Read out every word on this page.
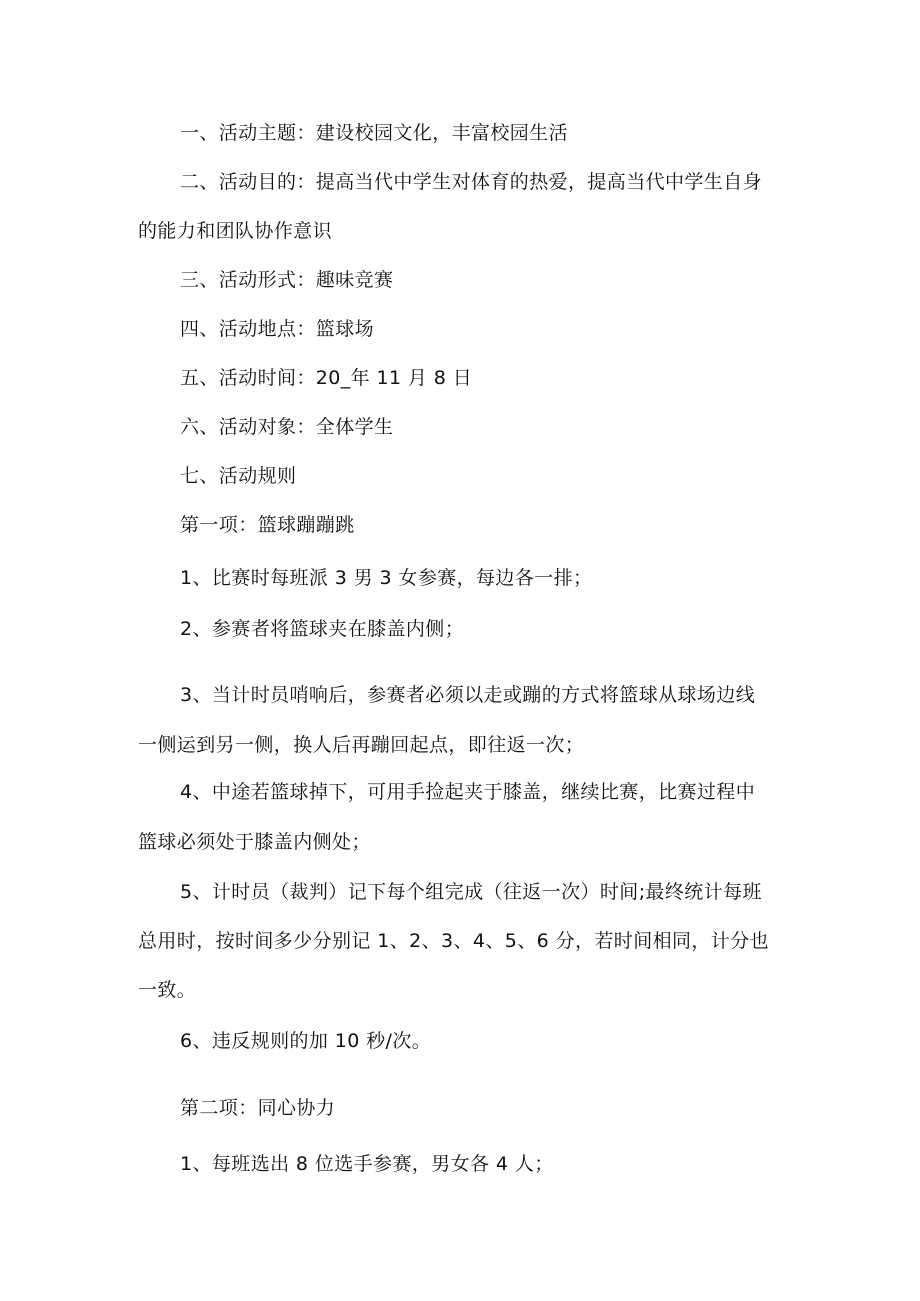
一、活动主题：建设校园文化，丰富校园生活
二、活动目的：提高当代中学生对体育的热爱，提高当代中学生自身
的能力和团队协作意识
三、活动形式：趣味竞赛
四、活动地点：篮球场
五、活动时间：20_年 11 月 8 日
六、活动对象：全体学生
七、活动规则
第一项：篮球蹦蹦跳
1、比赛时每班派 3 男 3 女参赛，每边各一排；
2、参赛者将篮球夹在膝盖内侧；
3、当计时员哨响后，参赛者必须以走或蹦的方式将篮球从球场边线
一侧运到另一侧，换人后再蹦回起点，即往返一次；
4、中途若篮球掉下，可用手捡起夹于膝盖，继续比赛，比赛过程中
篮球必须处于膝盖内侧处；
5、计时员（裁判）记下每个组完成（往返一次）时间;最终统计每班
总用时，按时间多少分别记 1、2、3、4、5、6 分，若时间相同，计分也
一致。
6、违反规则的加 10 秒/次。
第二项：同心协力
1、每班选出 8 位选手参赛，男女各 4 人；
